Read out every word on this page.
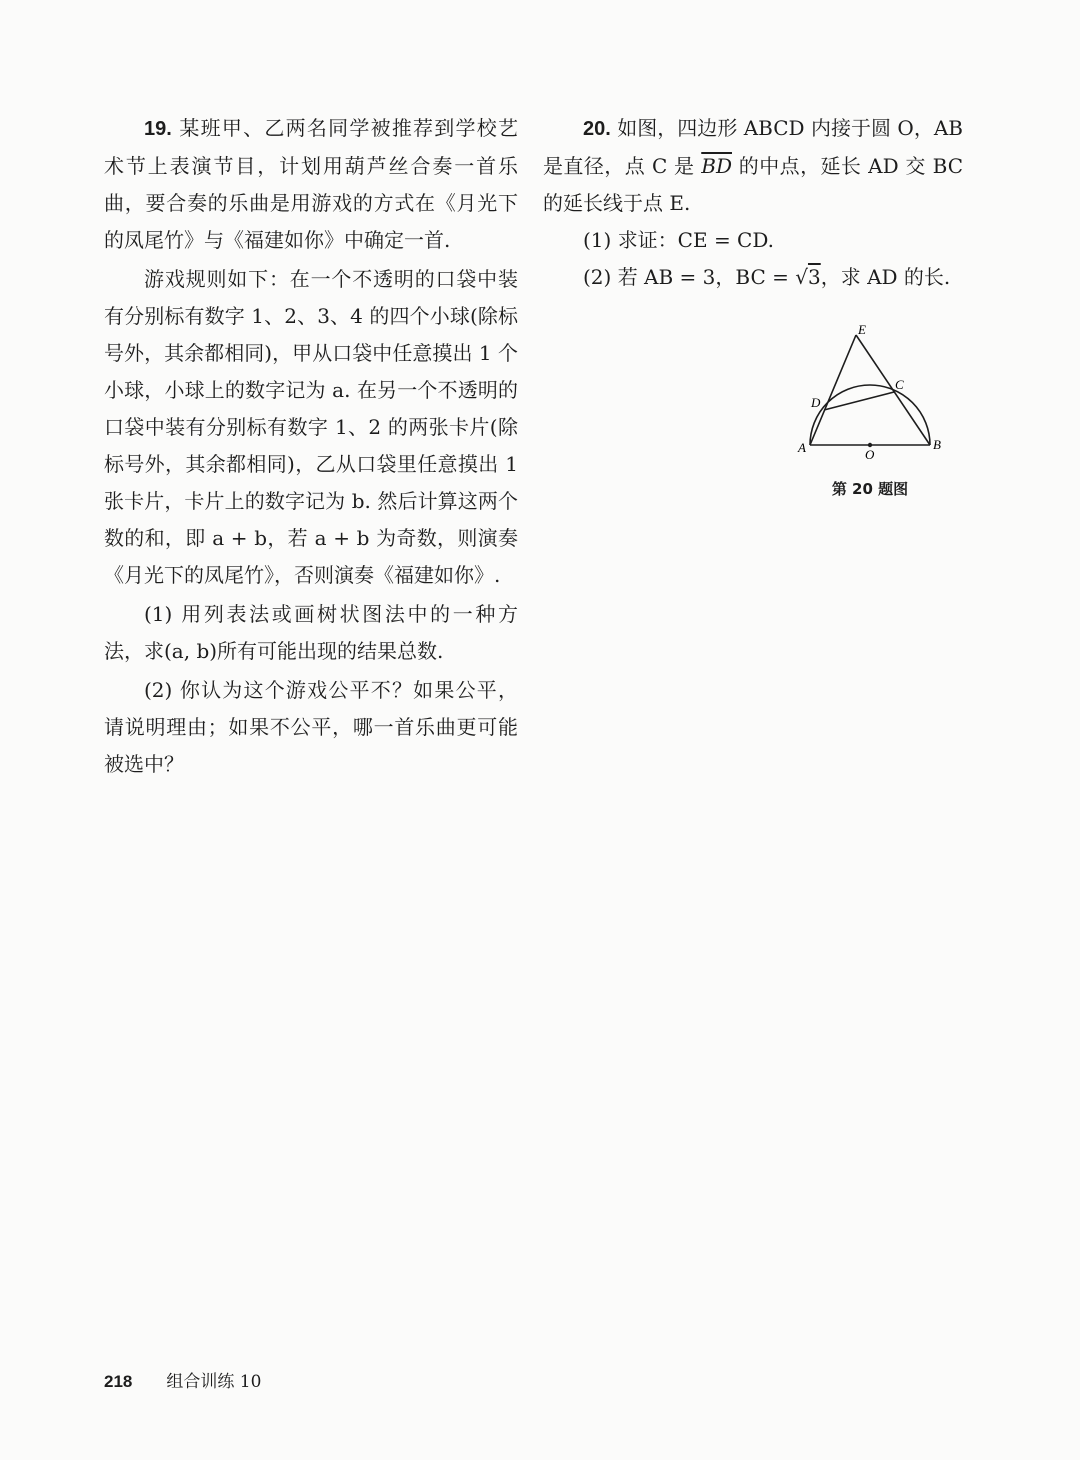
19. 某班甲、乙两名同学被推荐到学校艺术节上表演节目，计划用葫芦丝合奏一首乐曲，要合奏的乐曲是用游戏的方式在《月光下的凤尾竹》与《福建如你》中确定一首.

游戏规则如下：在一个不透明的口袋中装有分别标有数字 1、2、3、4 的四个小球(除标号外，其余都相同)，甲从口袋中任意摸出 1 个小球，小球上的数字记为 a. 在另一个不透明的口袋中装有分别标有数字 1、2 的两张卡片(除标号外，其余都相同)，乙从口袋里任意摸出 1 张卡片，卡片上的数字记为 b. 然后计算这两个数的和，即 a + b，若 a + b 为奇数，则演奏《月光下的凤尾竹》，否则演奏《福建如你》.

(1) 用列表法或画树状图法中的一种方法，求(a, b)所有可能出现的结果总数.

(2) 你认为这个游戏公平不？如果公平，请说明理由；如果不公平，哪一首乐曲更可能被选中？

20. 如图，四边形 ABCD 内接于圆 O，AB 是直径，点 C 是 $\overline{BD}$ 的中点，延长 AD 交 BC 的延长线于点 E.

(1) 求证：CE = CD.

(2) 若 AB = 3，BC = √3，求 AD 的长.

E
C
D
A	B
O
第 20 题图
218 组合训练 10
